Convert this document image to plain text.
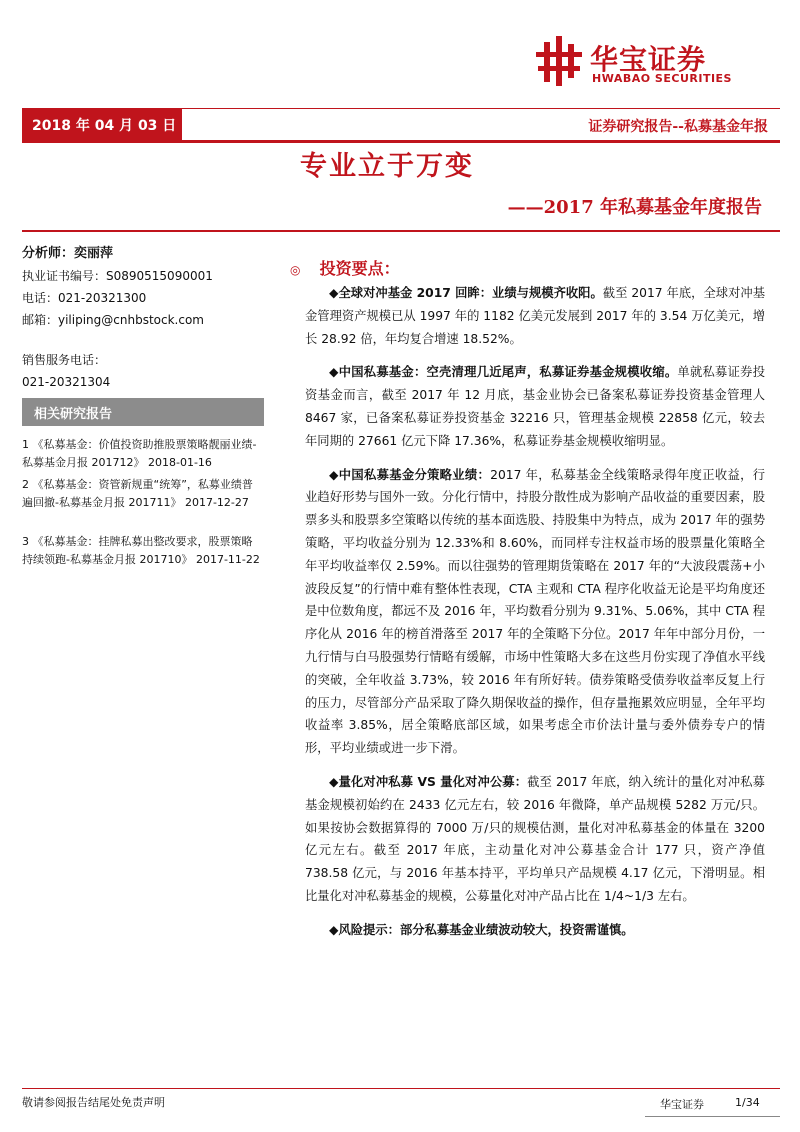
华宝证券
HWABAO SECURITIES
2018 年 04 月 03 日	证券研究报告--私募基金年报
专业立于万变
——2017 年私募基金年度报告
分析师：奕丽萍
执业证书编号：S0890515090001
电话：021-20321300
邮箱：yiliping@cnhbstock.com
销售服务电话：
021-20321304
相关研究报告
1 《私募基金：价值投资助推股票策略靓丽业绩-私募基金月报 201712》 2018-01-16
2 《私募基金：资管新规重“统筹”，私募业绩普遍回撤-私募基金月报 201711》 2017-12-27
3 《私募基金：挂牌私募出整改要求，股票策略持续领跑-私募基金月报 201710》 2017-11-22
◎ 投资要点：

◆全球对冲基金 2017 回眸：业绩与规模齐收阳。截至 2017 年底，全球对冲基金管理资产规模已从 1997 年的 1182 亿美元发展到 2017 年的 3.54 万亿美元，增长 28.92 倍，年均复合增速 18.52%。

◆中国私募基金：空壳清理几近尾声，私募证券基金规模收缩。单就私募证券投资基金而言，截至 2017 年 12 月底，基金业协会已备案私募证券投资基金管理人 8467 家，已备案私募证券投资基金 32216 只，管理基金规模 22858 亿元，较去年同期的 27661 亿元下降 17.36%，私募证券基金规模收缩明显。

◆中国私募基金分策略业绩：2017 年，私募基金全线策略录得年度正收益，行业趋好形势与国外一致。分化行情中，持股分散性成为影响产品收益的重要因素，股票多头和股票多空策略以传统的基本面选股、持股集中为特点，成为 2017 年的强势策略，平均收益分别为 12.33%和 8.60%，而同样专注权益市场的股票量化策略全年平均收益率仅 2.59%。而以往强势的管理期货策略在 2017 年的“大波段震荡+小波段反复”的行情中难有整体性表现，CTA 主观和 CTA 程序化收益无论是平均角度还是中位数角度，都远不及 2016 年，平均数看分别为 9.31%、5.06%，其中 CTA 程序化从 2016 年的榜首滑落至 2017 年的全策略下分位。2017 年年中部分月份，一九行情与白马股强势行情略有缓解，市场中性策略大多在这些月份实现了净值水平线的突破，全年收益 3.73%，较 2016 年有所好转。债券策略受债券收益率反复上行的压力，尽管部分产品采取了降久期保收益的操作，但存量拖累效应明显，全年平均收益率 3.85%，居全策略底部区域，如果考虑全市价法计量与委外债券专户的情形，平均业绩或进一步下滑。

◆量化对冲私募 VS 量化对冲公募：截至 2017 年底，纳入统计的量化对冲私募基金规模初始约在 2433 亿元左右，较 2016 年微降，单产品规模 5282 万元/只。如果按协会数据算得的 7000 万/只的规模估测，量化对冲私募基金的体量在 3200 亿元左右。截至 2017 年底，主动量化对冲公募基金合计 177 只，资产净值 738.58 亿元，与 2016 年基本持平，平均单只产品规模 4.17 亿元，下滑明显。相比量化对冲私募基金的规模，公募量化对冲产品占比在 1/4~1/3 左右。

◆风险提示：部分私募基金业绩波动较大，投资需谨慎。

敬请参阅报告结尾处免责声明	华宝证券	1/34
